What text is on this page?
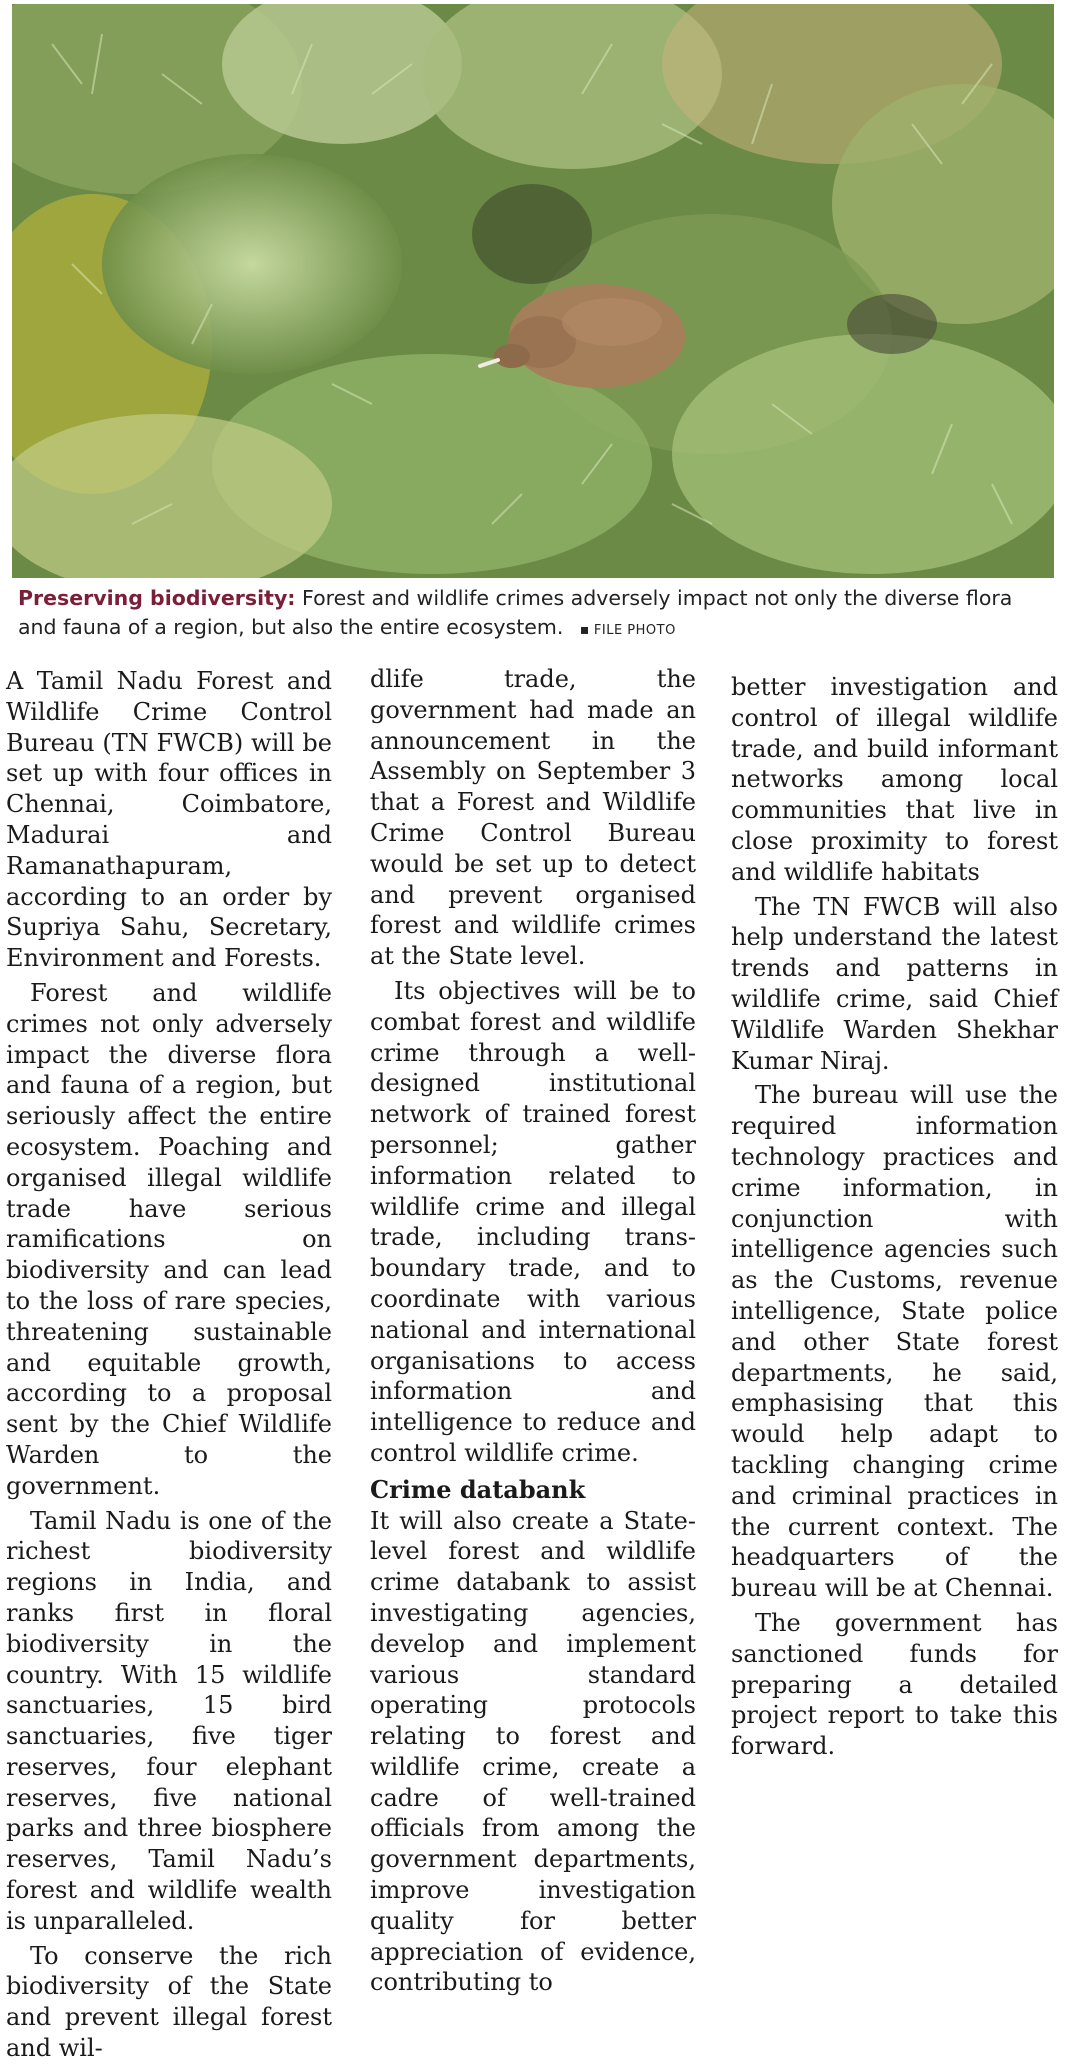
Preserving biodiversity: Forest and wildlife crimes adversely impact not only the diverse flora and fauna of a region, but also the entire ecosystem. ▪ FILE PHOTO

A Tamil Nadu Forest and Wildlife Crime Control Bureau (TN FWCB) will be set up with four offices in Chennai, Coimbatore, Madurai and Ramanathapuram, according to an order by Supriya Sahu, Secretary, Environment and Forests.

Forest and wildlife crimes not only adversely impact the diverse flora and fauna of a region, but seriously affect the entire ecosystem. Poaching and organised illegal wildlife trade have serious ramifications on biodiversity and can lead to the loss of rare species, threatening sustainable and equitable growth, according to a proposal sent by the Chief Wildlife Warden to the government.

Tamil Nadu is one of the richest biodiversity regions in India, and ranks first in floral biodiversity in the country. With 15 wildlife sanctuaries, 15 bird sanctuaries, five tiger reserves, four elephant reserves, five national parks and three biosphere reserves, Tamil Nadu’s forest and wildlife wealth is unparalleled.

To conserve the rich biodiversity of the State and prevent illegal forest and wil-

dlife trade, the government had made an announcement in the Assembly on September 3 that a Forest and Wildlife Crime Control Bureau would be set up to detect and prevent organised forest and wildlife crimes at the State level.

Its objectives will be to combat forest and wildlife crime through a well-designed institutional network of trained forest personnel; gather information related to wildlife crime and illegal trade, including trans-boundary trade, and to coordinate with various national and international organisations to access information and intelligence to reduce and control wildlife crime.

Crime databank

It will also create a State-level forest and wildlife crime databank to assist investigating agencies, develop and implement various standard operating protocols relating to forest and wildlife crime, create a cadre of well-trained officials from among the government departments, improve investigation quality for better appreciation of evidence, contributing to

better investigation and control of illegal wildlife trade, and build informant networks among local communities that live in close proximity to forest and wildlife habitats

The TN FWCB will also help understand the latest trends and patterns in wildlife crime, said Chief Wildlife Warden Shekhar Kumar Niraj.

The bureau will use the required information technology practices and crime information, in conjunction with intelligence agencies such as the Customs, revenue intelligence, State police and other State forest departments, he said, emphasising that this would help adapt to tackling changing crime and criminal practices in the current context. The headquarters of the bureau will be at Chennai.

The government has sanctioned funds for preparing a detailed project report to take this forward.
